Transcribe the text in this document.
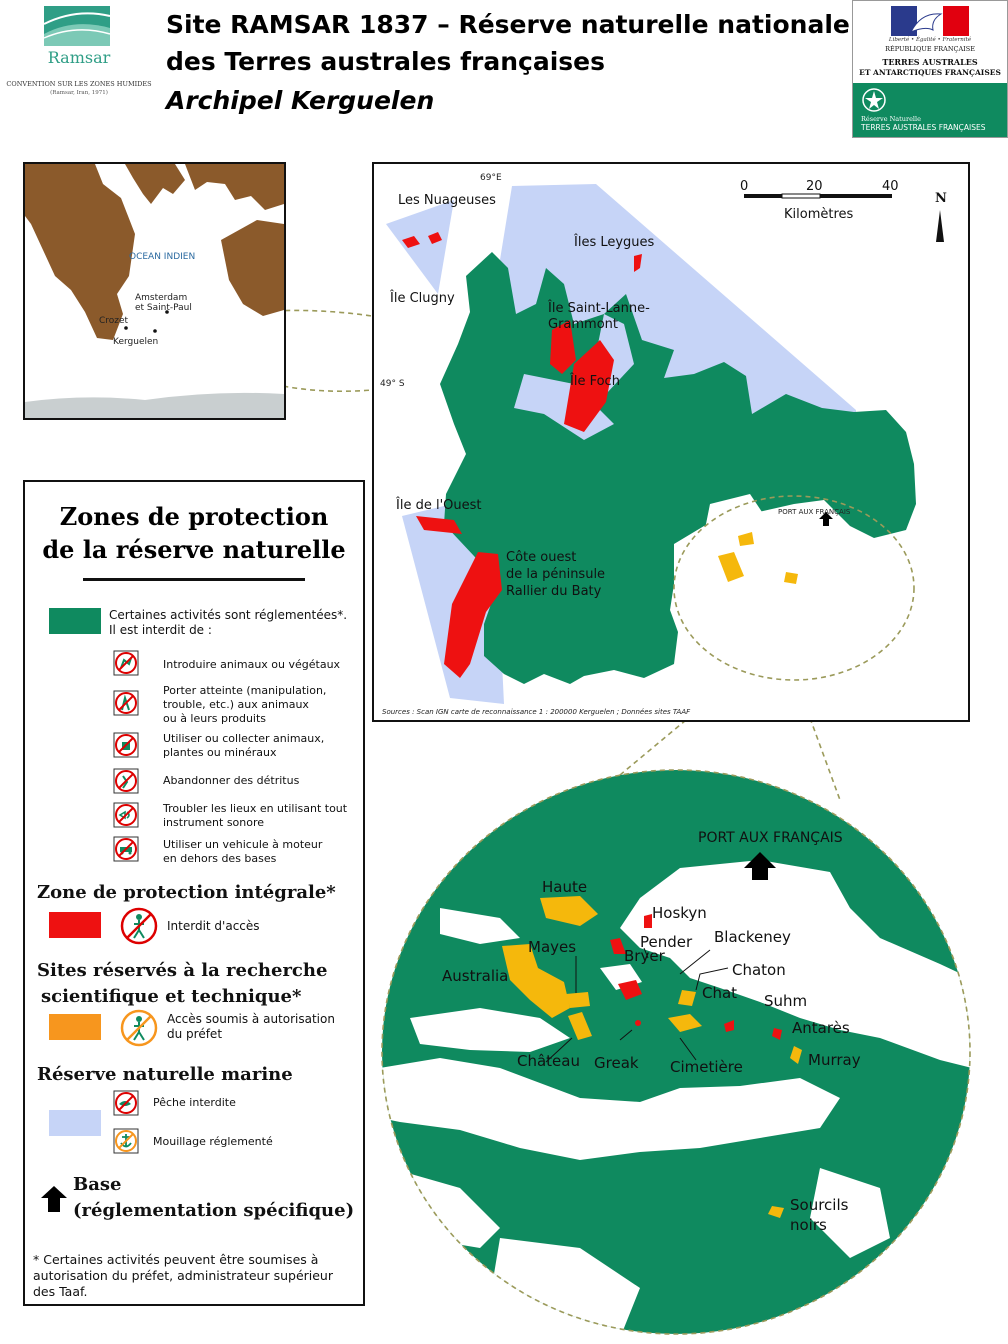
Ramsar
CONVENTION SUR LES ZONES HUMIDES
(Ramsar, Iran, 1971)
Site RAMSAR 1837 – Réserve naturelle nationale
des Terres australes françaises
Archipel Kerguelen
Liberté • Égalité • Fraternité
RÉPUBLIQUE FRANÇAISE
TERRES AUSTRALES
ET ANTARCTIQUES FRANÇAISES
Réserve Naturelle
TERRES AUSTRALES FRANÇAISES
OCEAN INDIEN
Amsterdam
et Saint-Paul
Crozet
Kerguelen
69°E
49° S
Les Nuageuses
Île Clugny
Îles Leygues
Île Saint-Lanne-
Grammont
Île Foch
Île de l'Ouest
Côte ouest
de la péninsule
Rallier du Baty
PORT AUX FRANÇAIS
0	20	40
Kilomètres
N
Sources : Scan IGN carte de reconnaissance 1 : 200000 Kerguelen ; Données sites TAAF
PORT AUX FRANÇAIS
Haute
Hoskyn
Pender Blackeney
Bryer
Mayes
Chaton
Australia
Chat Suhm
Antarès
Murray
Château Greak Cimetière
Sourcils
noirs
Zones de protection
de la réserve naturelle
Certaines activités sont réglementées*.
Il est interdit de :
Introduire animaux ou végétaux
Porter atteinte (manipulation,
trouble, etc.) aux animaux
ou à leurs produits
Utiliser ou collecter animaux,
plantes ou minéraux
Abandonner des détritus
Troubler les lieux en utilisant tout
instrument sonore
Utiliser un vehicule à moteur
en dehors des bases
Zone de protection intégrale*
Interdit d'accès
Sites réservés à la recherche
scientifique et technique*
Accès soumis à autorisation
du préfet
Réserve naturelle marine
Pêche interdite
Mouillage réglementé
Base
(réglementation spécifique)
* Certaines activités peuvent être soumises à
autorisation du préfet, administrateur supérieur
des Taaf.
